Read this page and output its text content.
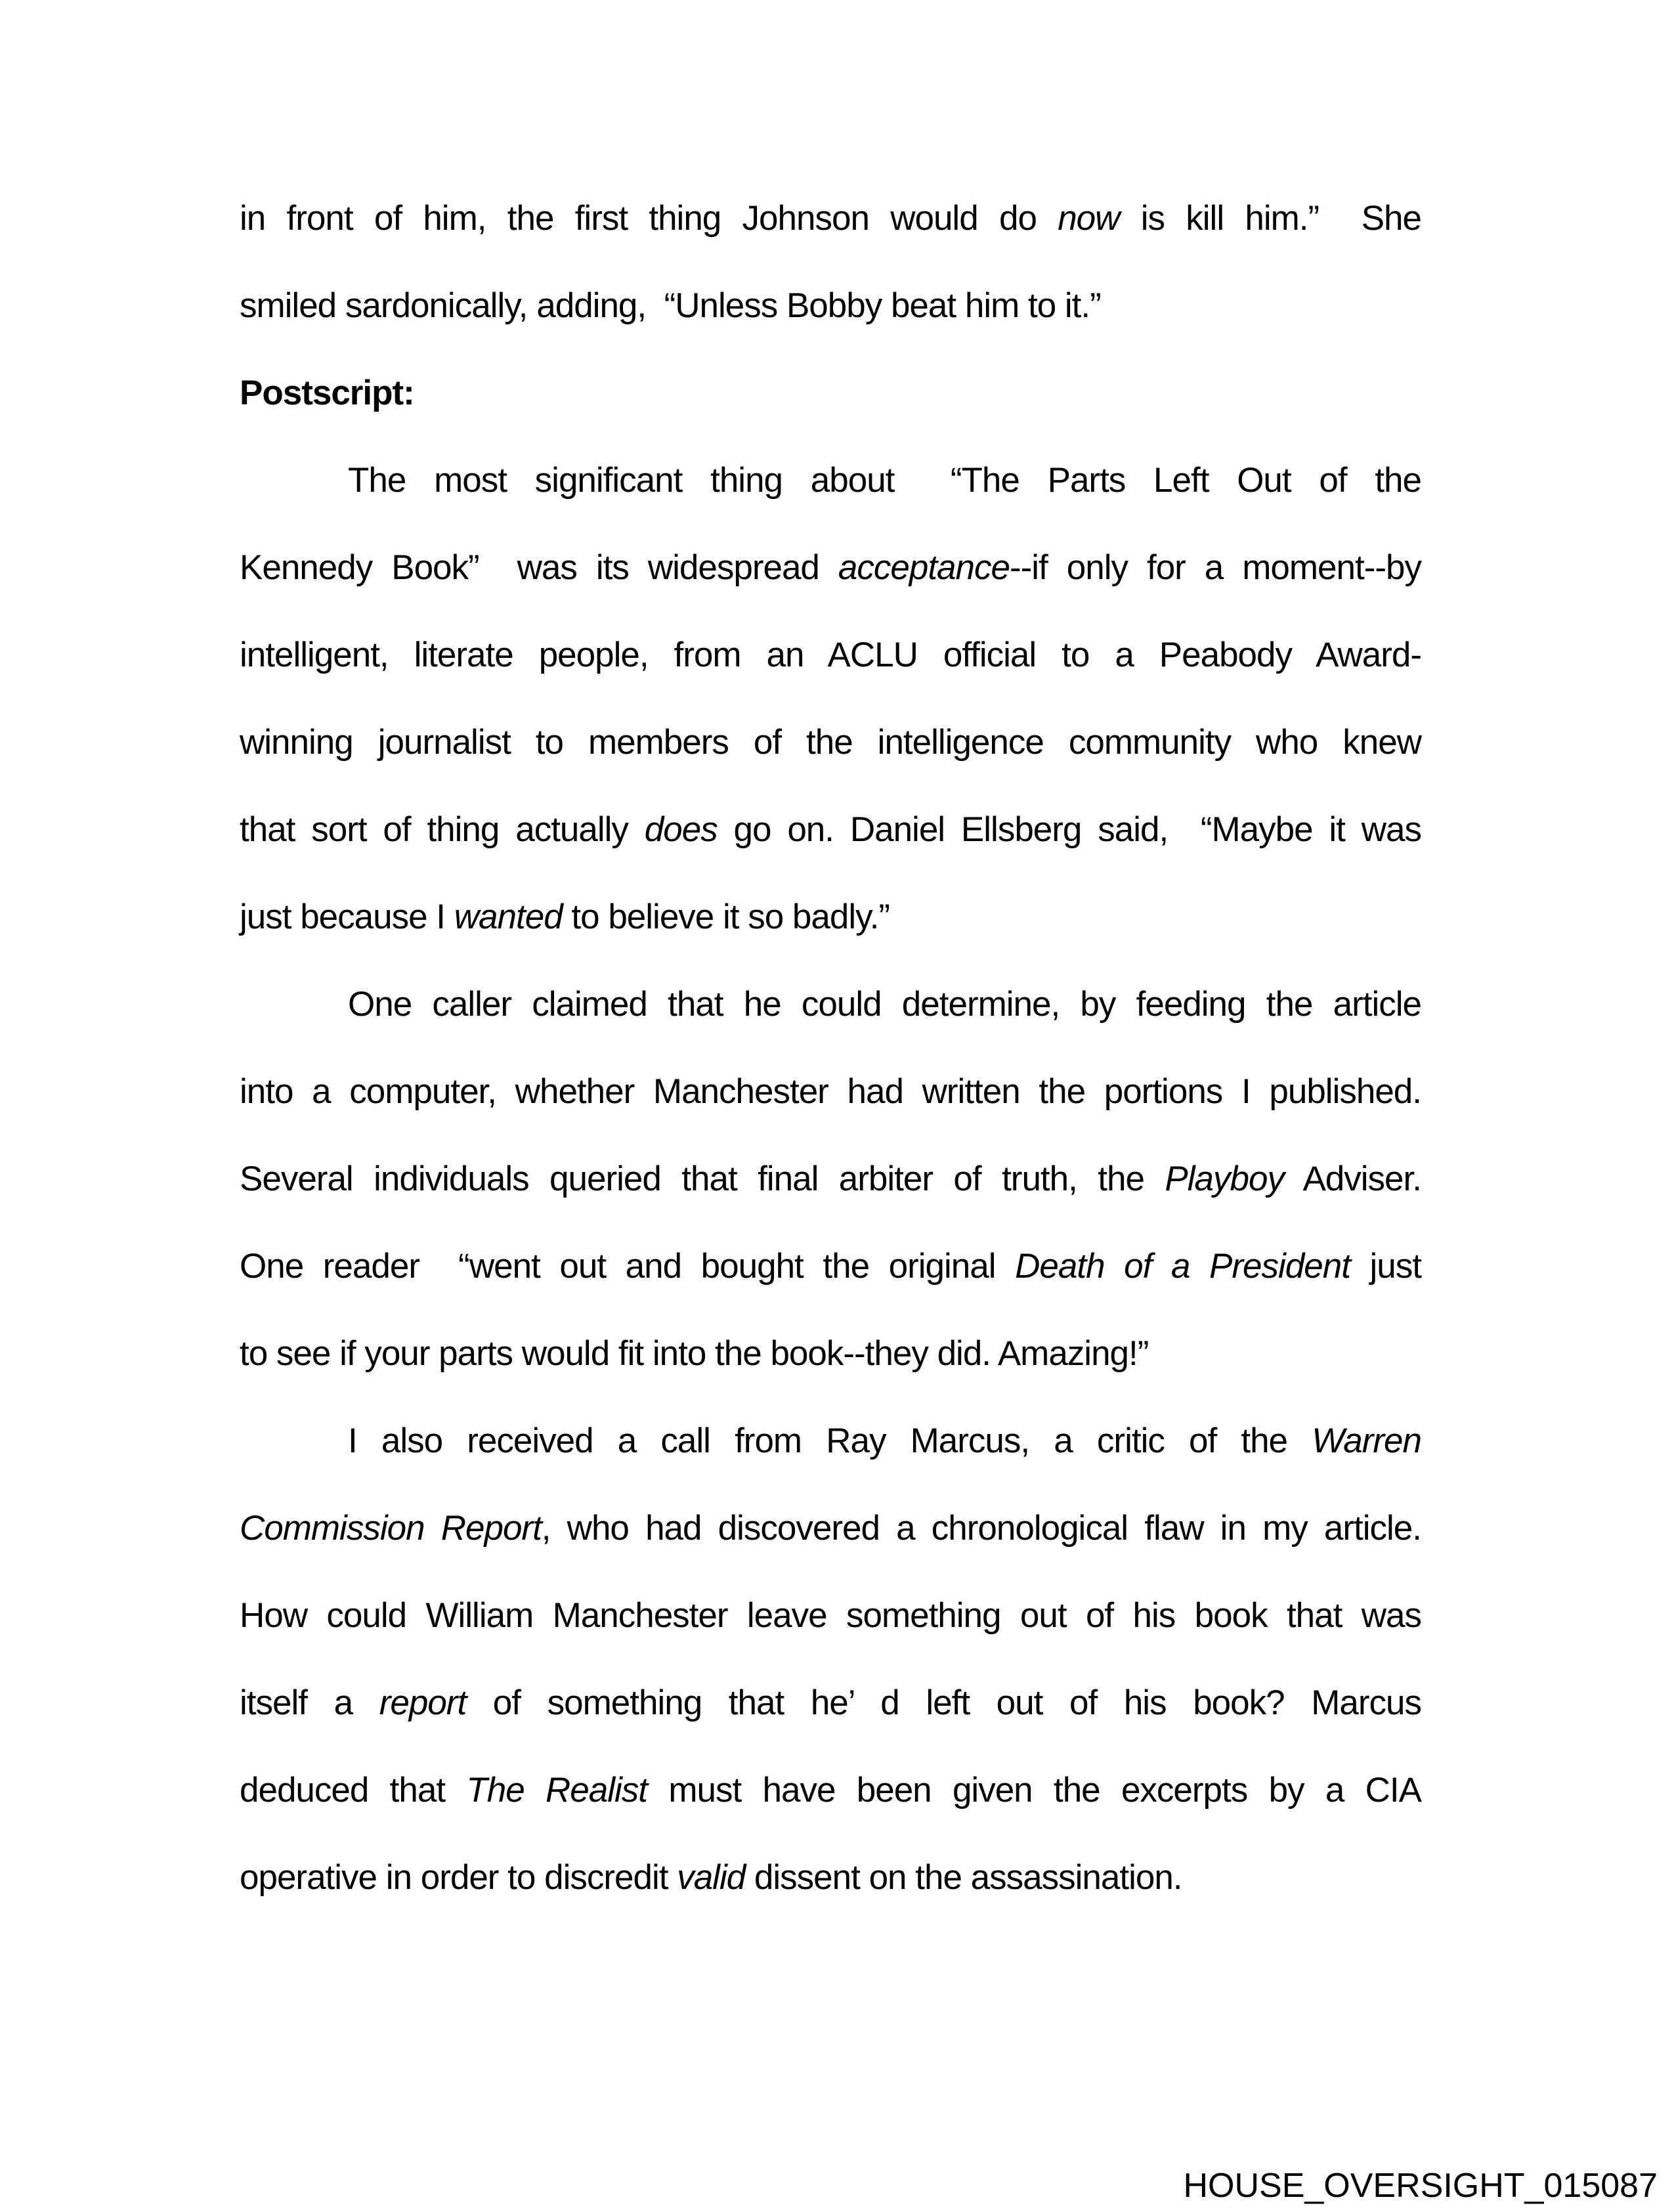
in front of him, the first thing Johnson would do now is kill him.”  She
smiled sardonically, adding,  “Unless Bobby beat him to it.”
Postscript:
The most significant thing about  “The Parts Left Out of the
Kennedy Book”  was its widespread acceptance--if only for a moment--by
intelligent, literate people, from an ACLU official to a Peabody Award-
winning journalist to members of the intelligence community who knew
that sort of thing actually does go on. Daniel Ellsberg said,  “Maybe it was
just because I wanted to believe it so badly.”
One caller claimed that he could determine, by feeding the article
into a computer, whether Manchester had written the portions I published.
Several individuals queried that final arbiter of truth, the Playboy Adviser.
One reader  “went out and bought the original Death of a President just
to see if your parts would fit into the book--they did. Amazing!”
I also received a call from Ray Marcus, a critic of the Warren
Commission Report, who had discovered a chronological flaw in my article.
How could William Manchester leave something out of his book that was
itself a report of something that he’ d left out of his book? Marcus
deduced that The Realist must have been given the excerpts by a CIA
operative in order to discredit valid dissent on the assassination.
HOUSE_OVERSIGHT_015087
